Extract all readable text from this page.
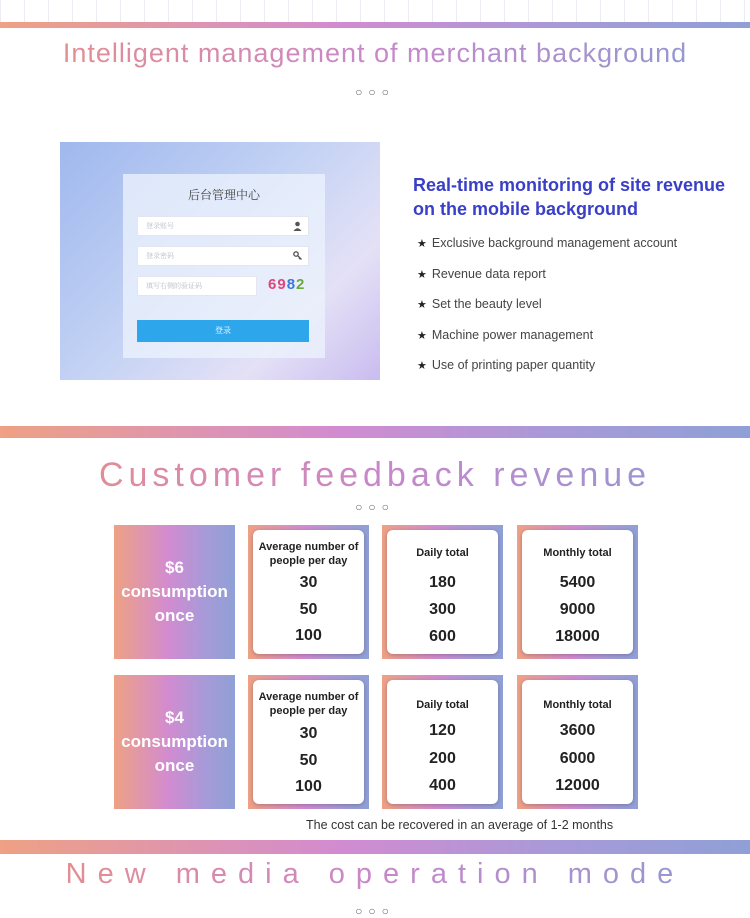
Intelligent management of merchant background
○○○
后台管理中心
登录账号
登录密码
填写右侧的验证码	6982
登录
Real-time monitoring of site revenue on the mobile background
★ Exclusive background management account
★ Revenue data report
★ Set the beauty level
★ Machine power management
★ Use of printing paper quantity
Customer feedback revenue
○○○
$6 consumption once
Average number of people per day
30
50
100
Daily total
180
300
600
Monthly total
5400
9000
18000
$4 consumption once
Average number of people per day
30
50
100
Daily total
120
200
400
Monthly total
3600
6000
12000
The cost can be recovered in an average of 1-2 months
New media operation mode
○○○
